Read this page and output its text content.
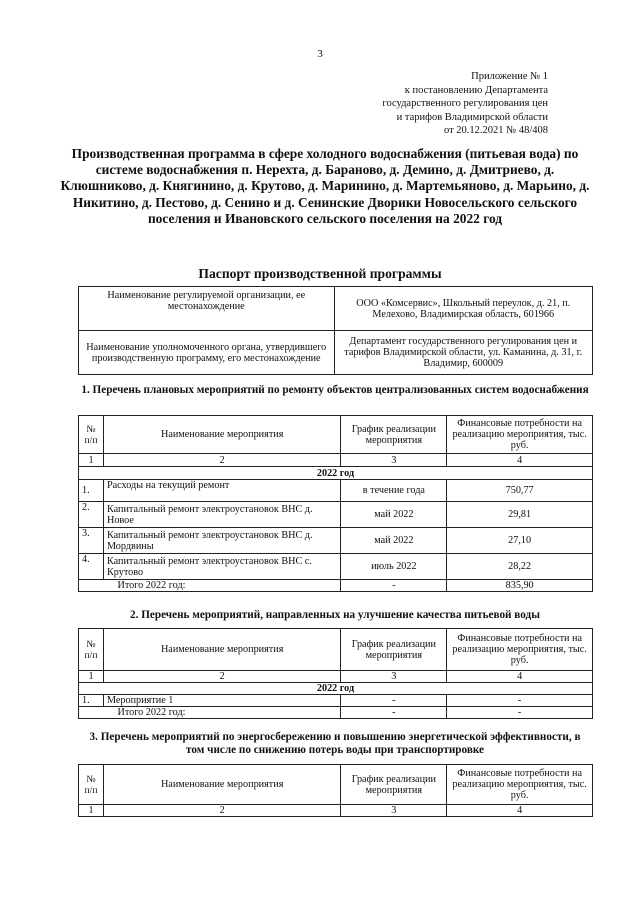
3
Приложение № 1
к постановлению Департамента
государственного регулирования цен
и тарифов Владимирской области
от 20.12.2021 № 48/408
Производственная программа в сфере холодного водоснабжения (питьевая вода) по системе водоснабжения п. Нерехта, д. Бараново, д. Демино, д. Дмитриево, д. Клюшниково, д. Княгинино, д. Крутово, д. Маринино, д. Мартемьяново, д. Марьино, д. Никитино, д. Пестово, д. Сенино и д. Сенинские Дворики Новосельского сельского поселения и Ивановского сельского поселения на 2022 год
Паспорт производственной программы
Наименование регулируемой организации, ее местонахождение	ООО «Комсервис», Школьный переулок, д. 21, п. Мелехово, Владимирская область, 601966
Наименование уполномоченного органа, утвердившего производственную программу, его местонахождение	Департамент государственного регулирования цен и тарифов Владимирской области, ул. Каманина, д. 31, г. Владимир, 600009
1. Перечень плановых мероприятий по ремонту объектов централизованных систем водоснабжения
№ п/п	Наименование мероприятия	График реализации мероприятия	Финансовые потребности на реализацию мероприятия, тыс. руб.
1	2	3	4
2022 год			
1.	Расходы на текущий ремонт	в течение года	750,77
2.	Капитальный ремонт электроустановок ВНС д. Новое	май 2022	29,81
3.	Капитальный ремонт электроустановок ВНС д. Мордвины	май 2022	27,10
4.	Капитальный ремонт электроустановок ВНС с. Крутово	июль 2022	28,22
	Итого 2022 год:	-	835,90
2. Перечень мероприятий, направленных на улучшение качества питьевой воды
№ п/п	Наименование мероприятия	График реализации мероприятия	Финансовые потребности на реализацию мероприятия, тыс. руб.
1	2	3	4
2022 год			
1.	Мероприятие 1	-	-
	Итого 2022 год:	-	-
3. Перечень мероприятий по энергосбережению и повышению энергетической эффективности, в том числе по снижению потерь воды при транспортировке
№ п/п	Наименование мероприятия	График реализации мероприятия	Финансовые потребности на реализацию мероприятия, тыс. руб.
1	2	3	4
